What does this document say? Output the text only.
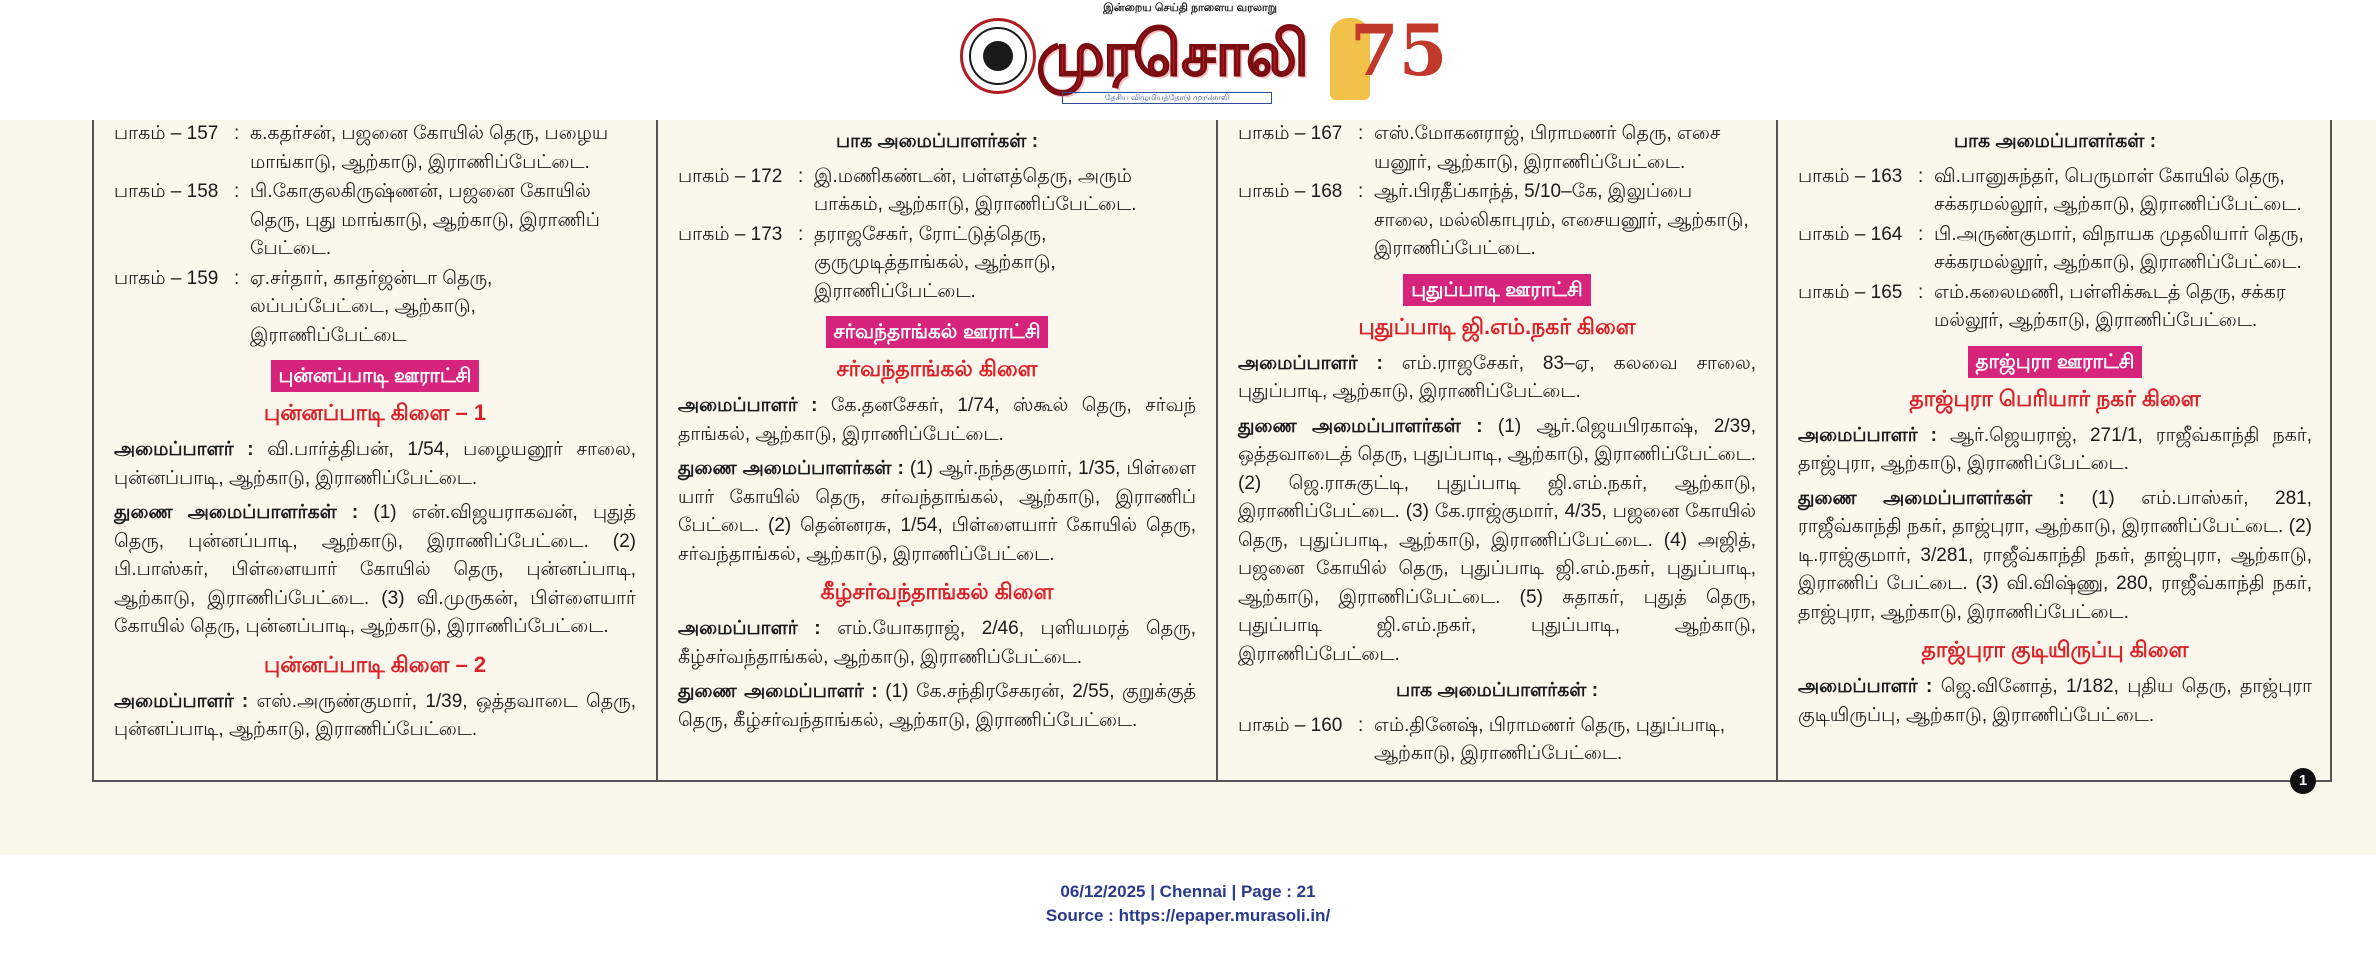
இன்றைய செய்தி நாளைய வரலாறு
முரசொலி
தேசிய விழுமியத்தோடு முரசொலி
75
பாகம் – 157 : க.கதர்சன், பஜனை கோயில் தெரு, பழைய மாங்காடு, ஆற்காடு, இராணிப்பேட்டை.
பாகம் – 158 : பி.கோகுலகிருஷ்ணன், பஜனை கோயில் தெரு, புது மாங்காடு, ஆற்காடு, இராணிப் பேட்டை.
பாகம் – 159 : ஏ.சர்தார், காதர்ஜன்டா தெரு, லப்பப்பேட்டை, ஆற்காடு, இராணிப்பேட்டை
புன்னப்பாடி ஊராட்சி
புன்னப்பாடி கிளை – 1
அமைப்பாளர் : வி.பார்த்திபன், 1/54, பழையனூர் சாலை, புன்னப்பாடி, ஆற்காடு, இராணிப்பேட்டை.
துணை அமைப்பாளர்கள் : (1) என்.விஜயராகவன், புதுத் தெரு, புன்னப்பாடி, ஆற்காடு, இராணிப்பேட்டை. (2) பி.பாஸ்கர், பிள்ளையார் கோயில் தெரு, புன்னப்பாடி, ஆற்காடு, இராணிப்பேட்டை. (3) வி.முருகன், பிள்ளையார் கோயில் தெரு, புன்னப்பாடி, ஆற்காடு, இராணிப்பேட்டை.
புன்னப்பாடி கிளை – 2
அமைப்பாளர் : எஸ்.அருண்குமார், 1/39, ஒத்தவாடை தெரு, புன்னப்பாடி, ஆற்காடு, இராணிப்பேட்டை.
பாக அமைப்பாளர்கள் :
பாகம் – 172 : இ.மணிகண்டன், பள்ளத்தெரு, அரும் பாக்கம், ஆற்காடு, இராணிப்பேட்டை.
பாகம் – 173 : தராஜசேகர், ரோட்டுத்தெரு, குருமுடித்தாங்கல், ஆற்காடு, இராணிப்பேட்டை.
சர்வந்தாங்கல் ஊராட்சி
சர்வந்தாங்கல் கிளை
அமைப்பாளர் : கே.தனசேகர், 1/74, ஸ்கூல் தெரு, சர்வந் தாங்கல், ஆற்காடு, இராணிப்பேட்டை.
துணை அமைப்பாளர்கள் : (1) ஆர்.நந்தகுமார், 1/35, பிள்ளை யார் கோயில் தெரு, சர்வந்தாங்கல், ஆற்காடு, இராணிப் பேட்டை. (2) தென்னரசு, 1/54, பிள்ளையார் கோயில் தெரு, சர்வந்தாங்கல், ஆற்காடு, இராணிப்பேட்டை.
கீழ்சர்வந்தாங்கல் கிளை
அமைப்பாளர் : எம்.யோகராஜ், 2/46, புளியமரத் தெரு, கீழ்சர்வந்தாங்கல், ஆற்காடு, இராணிப்பேட்டை.
துணை அமைப்பாளர் : (1) கே.சந்திரசேகரன், 2/55, குறுக்குத் தெரு, கீழ்சர்வந்தாங்கல், ஆற்காடு, இராணிப்பேட்டை.
பாகம் – 167 : எஸ்.மோகனராஜ், பிராமணர் தெரு, எசை யனூர், ஆற்காடு, இராணிப்பேட்டை.
பாகம் – 168 : ஆர்.பிரதீப்காந்த், 5/10–கே, இலுப்பை சாலை, மல்லிகாபுரம், எசையனூர், ஆற்காடு, இராணிப்பேட்டை.
புதுப்பாடி ஊராட்சி
புதுப்பாடி ஜி.எம்.நகர் கிளை
அமைப்பாளர் : எம்.ராஜசேகர், 83–ஏ, கலவை சாலை, புதுப்பாடி, ஆற்காடு, இராணிப்பேட்டை.
துணை அமைப்பாளர்கள் : (1) ஆர்.ஜெயபிரகாஷ், 2/39, ஒத்தவாடைத் தெரு, புதுப்பாடி, ஆற்காடு, இராணிப்பேட்டை. (2) ஜெ.ராசுகுட்டி, புதுப்பாடி ஜி.எம்.நகர், ஆற்காடு, இராணிப்பேட்டை. (3) கே.ராஜ்குமார், 4/35, பஜனை கோயில் தெரு, புதுப்பாடி, ஆற்காடு, இராணிப்பேட்டை. (4) அஜித், பஜனை கோயில் தெரு, புதுப்பாடி ஜி.எம்.நகர், புதுப்பாடி, ஆற்காடு, இராணிப்பேட்டை. (5) சுதாகர், புதுத் தெரு, புதுப்பாடி ஜி.எம்.நகர், புதுப்பாடி, ஆற்காடு, இராணிப்பேட்டை.
பாக அமைப்பாளர்கள் :
பாகம் – 160 : எம்.தினேஷ், பிராமணர் தெரு, புதுப்பாடி, ஆற்காடு, இராணிப்பேட்டை.
பாக அமைப்பாளர்கள் :
பாகம் – 163 : வி.பானுசுந்தர், பெருமாள் கோயில் தெரு, சக்கரமல்லூர், ஆற்காடு, இராணிப்பேட்டை.
பாகம் – 164 : பி.அருண்குமார், விநாயக முதலியார் தெரு, சக்கரமல்லூர், ஆற்காடு, இராணிப்பேட்டை.
பாகம் – 165 : எம்.கலைமணி, பள்ளிக்கூடத் தெரு, சக்கர மல்லூர், ஆற்காடு, இராணிப்பேட்டை.
தாஜ்புரா ஊராட்சி
தாஜ்புரா பெரியார் நகர் கிளை
அமைப்பாளர் : ஆர்.ஜெயராஜ், 271/1, ராஜீவ்காந்தி நகர், தாஜ்புரா, ஆற்காடு, இராணிப்பேட்டை.
துணை அமைப்பாளர்கள் : (1) எம்.பாஸ்கர், 281, ராஜீவ்காந்தி நகர், தாஜ்புரா, ஆற்காடு, இராணிப்பேட்டை. (2) டி.ராஜ்குமார், 3/281, ராஜீவ்காந்தி நகர், தாஜ்புரா, ஆற்காடு, இராணிப் பேட்டை. (3) வி.விஷ்ணு, 280, ராஜீவ்காந்தி நகர், தாஜ்புரா, ஆற்காடு, இராணிப்பேட்டை.
தாஜ்புரா குடியிருப்பு கிளை
அமைப்பாளர் : ஜெ.வினோத், 1/182, புதிய தெரு, தாஜ்புரா குடியிருப்பு, ஆற்காடு, இராணிப்பேட்டை.
1
06/12/2025 | Chennai | Page : 21
Source : https://epaper.murasoli.in/
